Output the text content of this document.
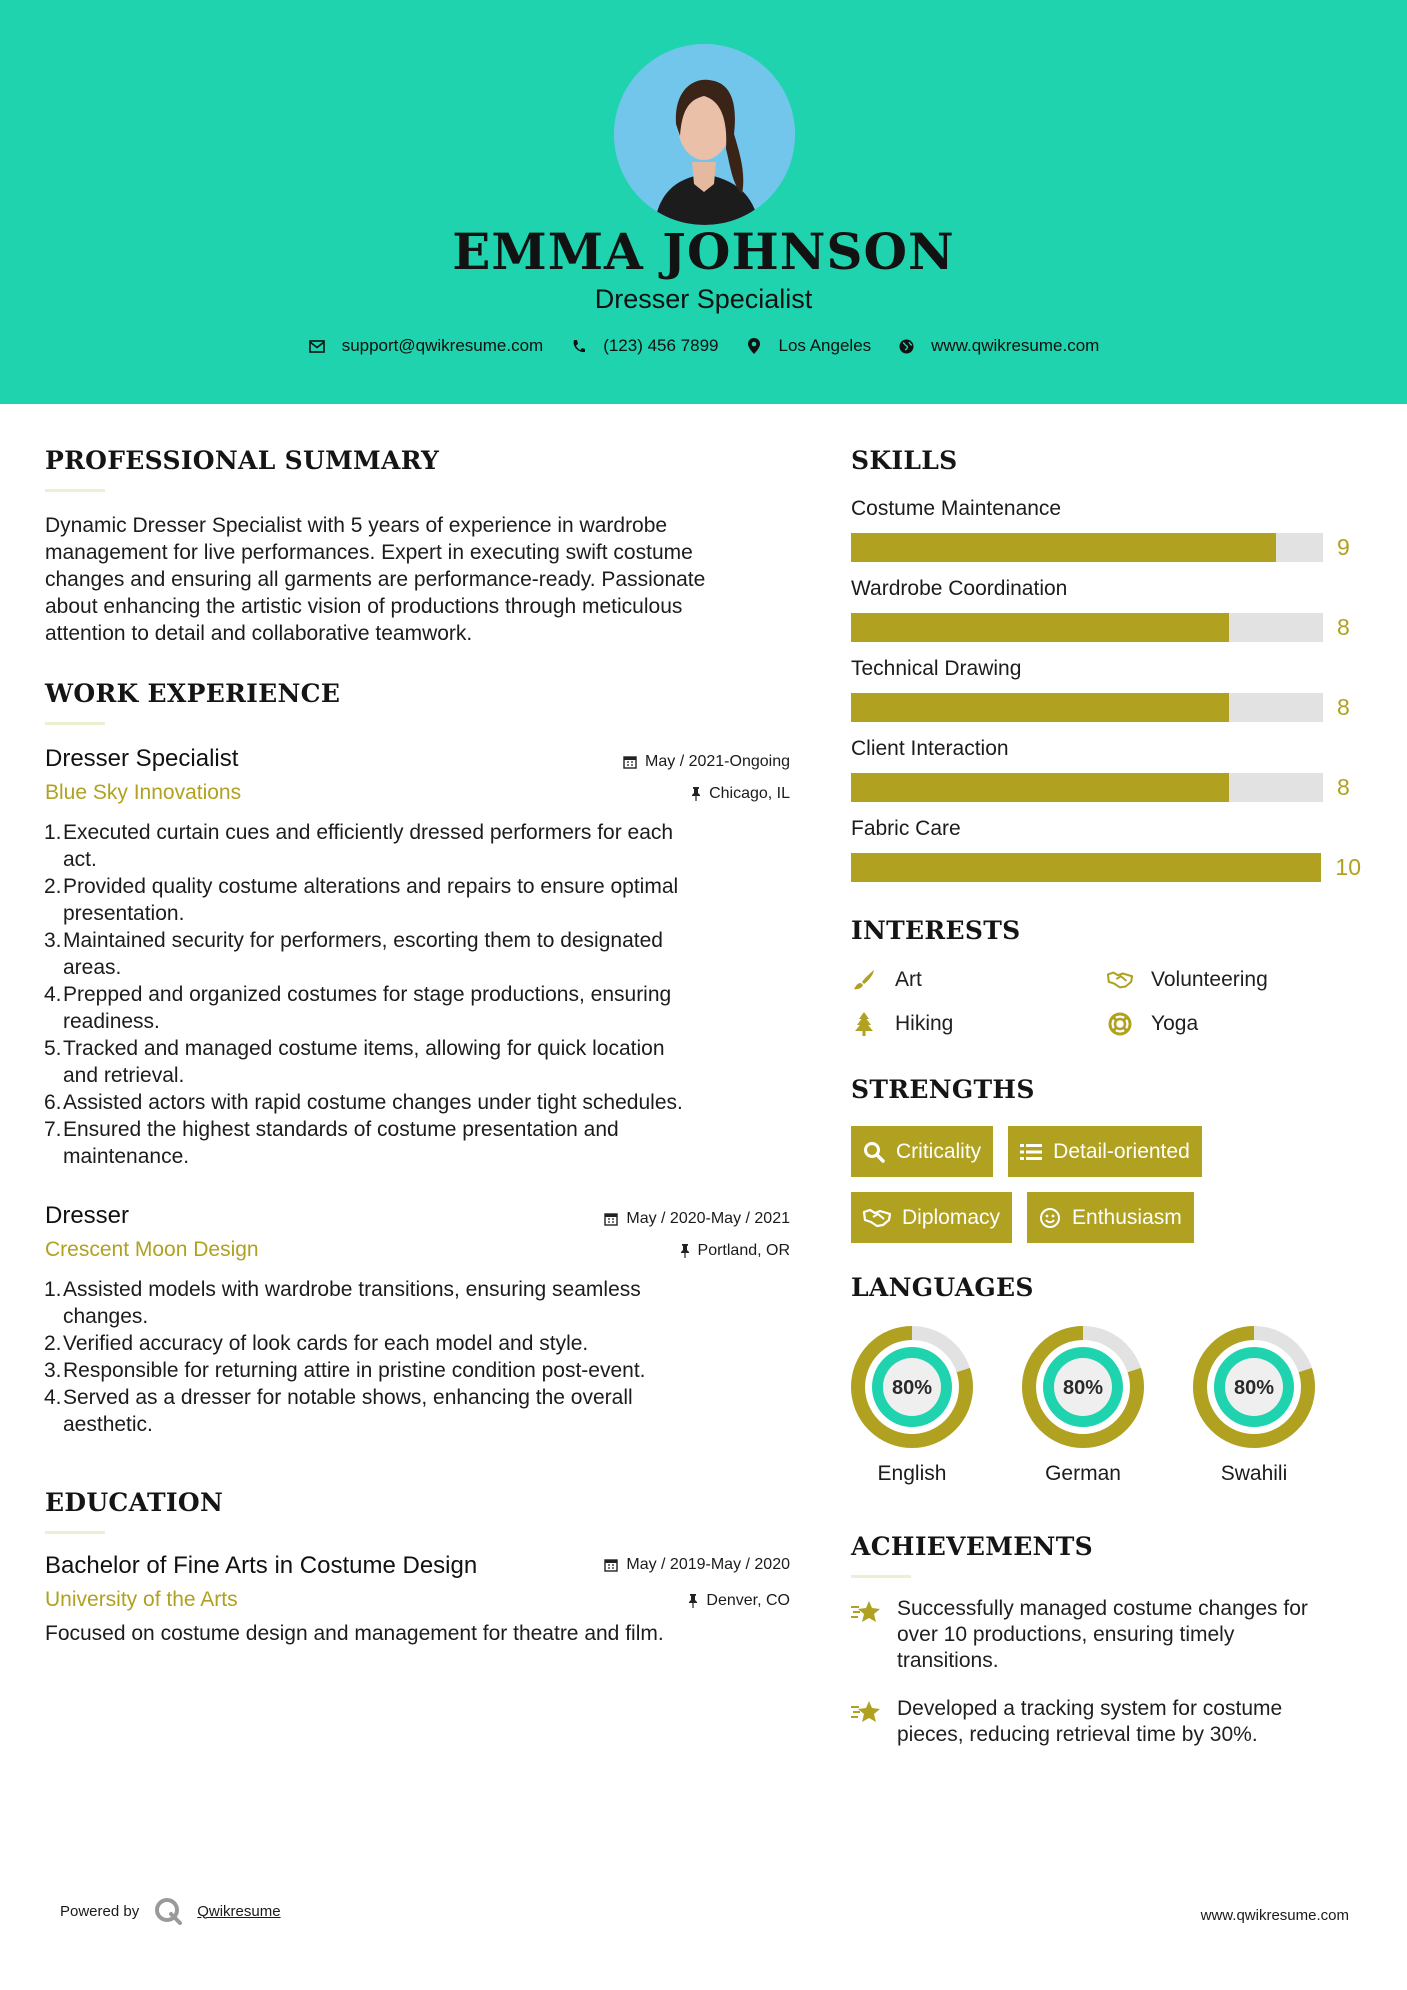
EMMA JOHNSON
Dresser Specialist
support@qwikresume.com	(123) 456 7899	Los Angeles	www.qwikresume.com
PROFESSIONAL SUMMARY
Dynamic Dresser Specialist with 5 years of experience in wardrobe
management for live performances. Expert in executing swift costume
changes and ensuring all garments are performance-ready. Passionate
about enhancing the artistic vision of productions through meticulous
attention to detail and collaborative teamwork.
WORK EXPERIENCE
Dresser Specialist	May / 2021-Ongoing
Blue Sky Innovations	Chicago, IL
1. Executed curtain cues and efficiently dressed performers for each
act.
2. Provided quality costume alterations and repairs to ensure optimal
presentation.
3. Maintained security for performers, escorting them to designated
areas.
4. Prepped and organized costumes for stage productions, ensuring
readiness.
5. Tracked and managed costume items, allowing for quick location
and retrieval.
6. Assisted actors with rapid costume changes under tight schedules.
7. Ensured the highest standards of costume presentation and
maintenance.
Dresser	May / 2020-May / 2021
Crescent Moon Design	Portland, OR
1. Assisted models with wardrobe transitions, ensuring seamless
changes.
2. Verified accuracy of look cards for each model and style.
3. Responsible for returning attire in pristine condition post-event.
4. Served as a dresser for notable shows, enhancing the overall
aesthetic.
EDUCATION
Bachelor of Fine Arts in Costume Design	May / 2019-May / 2020
University of the Arts	Denver, CO
Focused on costume design and management for theatre and film.
SKILLS
Costume Maintenance
9
Wardrobe Coordination
8
Technical Drawing
8
Client Interaction
8
Fabric Care
10
INTERESTS
Art	Volunteering
Hiking	Yoga
STRENGTHS
Criticality	Detail-oriented
Diplomacy	Enthusiasm
LANGUAGES
80%
English
80%
German
80%
Swahili
ACHIEVEMENTS
Successfully managed costume changes for
over 10 productions, ensuring timely
transitions.
Developed a tracking system for costume
pieces, reducing retrieval time by 30%.
Powered by	Qwikresume	www.qwikresume.com
